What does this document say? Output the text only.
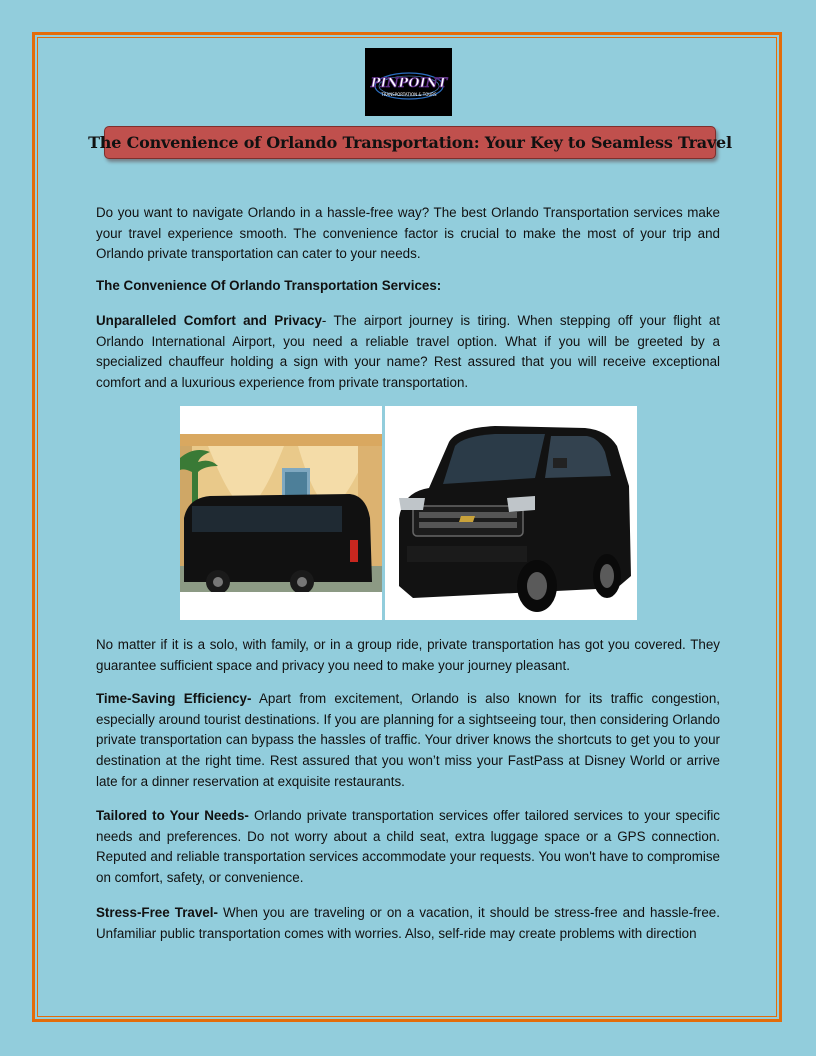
PINPOINT
TRANSPORTATION & TOURS
The Convenience of Orlando Transportation: Your Key to Seamless Travel

Do you want to navigate Orlando in a hassle-free way? The best Orlando Transportation services make your travel experience smooth. The convenience factor is crucial to make the most of your trip and Orlando private transportation can cater to your needs.

The Convenience Of Orlando Transportation Services:

Unparalleled Comfort and Privacy- The airport journey is tiring. When stepping off your flight at Orlando International Airport, you need a reliable travel option. What if you will be greeted by a specialized chauffeur holding a sign with your name? Rest assured that you will receive exceptional comfort and a luxurious experience from private transportation.

No matter if it is a solo, with family, or in a group ride, private transportation has got you covered. They guarantee sufficient space and privacy you need to make your journey pleasant.

Time-Saving Efficiency- Apart from excitement, Orlando is also known for its traffic congestion, especially around tourist destinations. If you are planning for a sightseeing tour, then considering Orlando private transportation can bypass the hassles of traffic. Your driver knows the shortcuts to get you to your destination at the right time. Rest assured that you won’t miss your FastPass at Disney World or arrive late for a dinner reservation at exquisite restaurants.

Tailored to Your Needs- Orlando private transportation services offer tailored services to your specific needs and preferences. Do not worry about a child seat, extra luggage space or a GPS connection. Reputed and reliable transportation services accommodate your requests. You won't have to compromise on comfort, safety, or convenience.

Stress-Free Travel- When you are traveling or on a vacation, it should be stress-free and hassle-free. Unfamiliar public transportation comes with worries. Also, self-ride may create problems with direction
